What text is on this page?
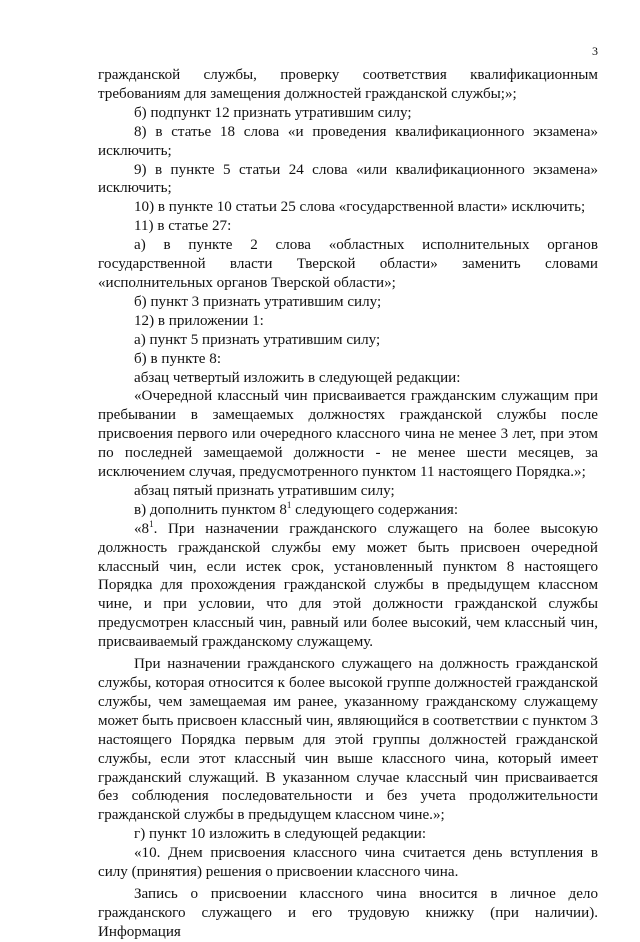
3

гражданской службы, проверку соответствия квалификационным требованиям для замещения должностей гражданской службы;»;

б) подпункт 12 признать утратившим силу;

8) в статье 18 слова «и проведения квалификационного экзамена» исключить;

9) в пункте 5 статьи 24 слова «или квалификационного экзамена» исключить;

10) в пункте 10 статьи 25 слова «государственной власти» исключить;

11) в статье 27:

а) в пункте 2 слова «областных исполнительных органов государственной власти Тверской области» заменить словами «исполнительных органов Тверской области»;

б) пункт 3 признать утратившим силу;

12) в приложении 1:

а) пункт 5 признать утратившим силу;

б) в пункте 8:

абзац четвертый изложить в следующей редакции:

«Очередной классный чин присваивается гражданским служащим при пребывании в замещаемых должностях гражданской службы после присвоения первого или очередного классного чина не менее 3 лет, при этом по последней замещаемой должности - не менее шести месяцев, за исключением случая, предусмотренного пунктом 11 настоящего Порядка.»;

абзац пятый признать утратившим силу;

в) дополнить пунктом $8^1$ следующего содержания:

«$8^1$. При назначении гражданского служащего на более высокую должность гражданской службы ему может быть присвоен очередной классный чин, если истек срок, установленный пунктом 8 настоящего Порядка для прохождения гражданской службы в предыдущем классном чине, и при условии, что для этой должности гражданской службы предусмотрен классный чин, равный или более высокий, чем классный чин, присваиваемый гражданскому служащему.

При назначении гражданского служащего на должность гражданской службы, которая относится к более высокой группе должностей гражданской службы, чем замещаемая им ранее, указанному гражданскому служащему может быть присвоен классный чин, являющийся в соответствии с пунктом 3 настоящего Порядка первым для этой группы должностей гражданской службы, если этот классный чин выше классного чина, который имеет гражданский служащий. В указанном случае классный чин присваивается без соблюдения последовательности и без учета продолжительности гражданской службы в предыдущем классном чине.»;

г) пункт 10 изложить в следующей редакции:

«10. Днем присвоения классного чина считается день вступления в силу (принятия) решения о присвоении классного чина.

Запись о присвоении классного чина вносится в личное дело гражданского служащего и его трудовую книжку (при наличии). Информация
